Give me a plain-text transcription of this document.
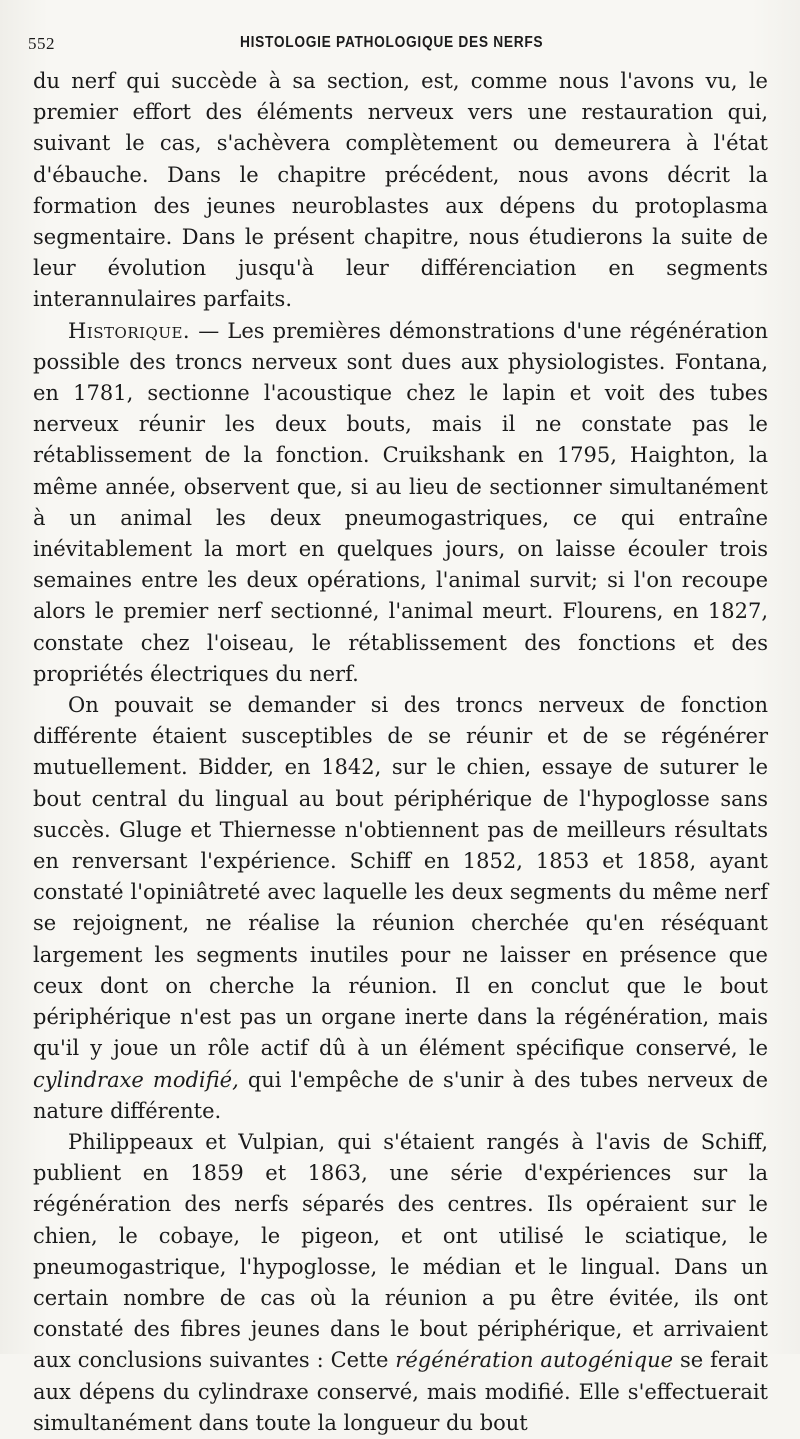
552	HISTOLOGIE PATHOLOGIQUE DES NERFS

du nerf qui succède à sa section, est, comme nous l'avons vu, le premier effort des éléments nerveux vers une restauration qui, suivant le cas, s'achèvera complètement ou demeurera à l'état d'ébauche. Dans le chapitre précédent, nous avons décrit la formation des jeunes neuroblastes aux dépens du protoplasma segmentaire. Dans le présent chapitre, nous étudierons la suite de leur évolution jusqu'à leur différenciation en segments interannulaires parfaits.

Historique. — Les premières démonstrations d'une régénération possible des troncs nerveux sont dues aux physiologistes. Fontana, en 1781, sectionne l'acoustique chez le lapin et voit des tubes nerveux réunir les deux bouts, mais il ne constate pas le rétablissement de la fonction. Cruikshank en 1795, Haighton, la même année, observent que, si au lieu de sectionner simultanément à un animal les deux pneumogastriques, ce qui entraîne inévitablement la mort en quelques jours, on laisse écouler trois semaines entre les deux opérations, l'animal survit; si l'on recoupe alors le premier nerf sectionné, l'animal meurt. Flourens, en 1827, constate chez l'oiseau, le rétablissement des fonctions et des propriétés électriques du nerf.

On pouvait se demander si des troncs nerveux de fonction différente étaient susceptibles de se réunir et de se régénérer mutuellement. Bidder, en 1842, sur le chien, essaye de suturer le bout central du lingual au bout périphérique de l'hypoglosse sans succès. Gluge et Thiernesse n'obtiennent pas de meilleurs résultats en renversant l'expérience. Schiff en 1852, 1853 et 1858, ayant constaté l'opiniâtreté avec laquelle les deux segments du même nerf se rejoignent, ne réalise la réunion cherchée qu'en réséquant largement les segments inutiles pour ne laisser en présence que ceux dont on cherche la réunion. Il en conclut que le bout périphérique n'est pas un organe inerte dans la régénération, mais qu'il y joue un rôle actif dû à un élément spécifique conservé, le cylindraxe modifié, qui l'empêche de s'unir à des tubes nerveux de nature différente.

Philippeaux et Vulpian, qui s'étaient rangés à l'avis de Schiff, publient en 1859 et 1863, une série d'expériences sur la régénération des nerfs séparés des centres. Ils opéraient sur le chien, le cobaye, le pigeon, et ont utilisé le sciatique, le pneumogastrique, l'hypoglosse, le médian et le lingual. Dans un certain nombre de cas où la réunion a pu être évitée, ils ont constaté des fibres jeunes dans le bout périphérique, et arrivaient aux conclusions suivantes : Cette régénération autogénique se ferait aux dépens du cylindraxe conservé, mais modifié. Elle s'effectuerait simultanément dans toute la longueur du bout
